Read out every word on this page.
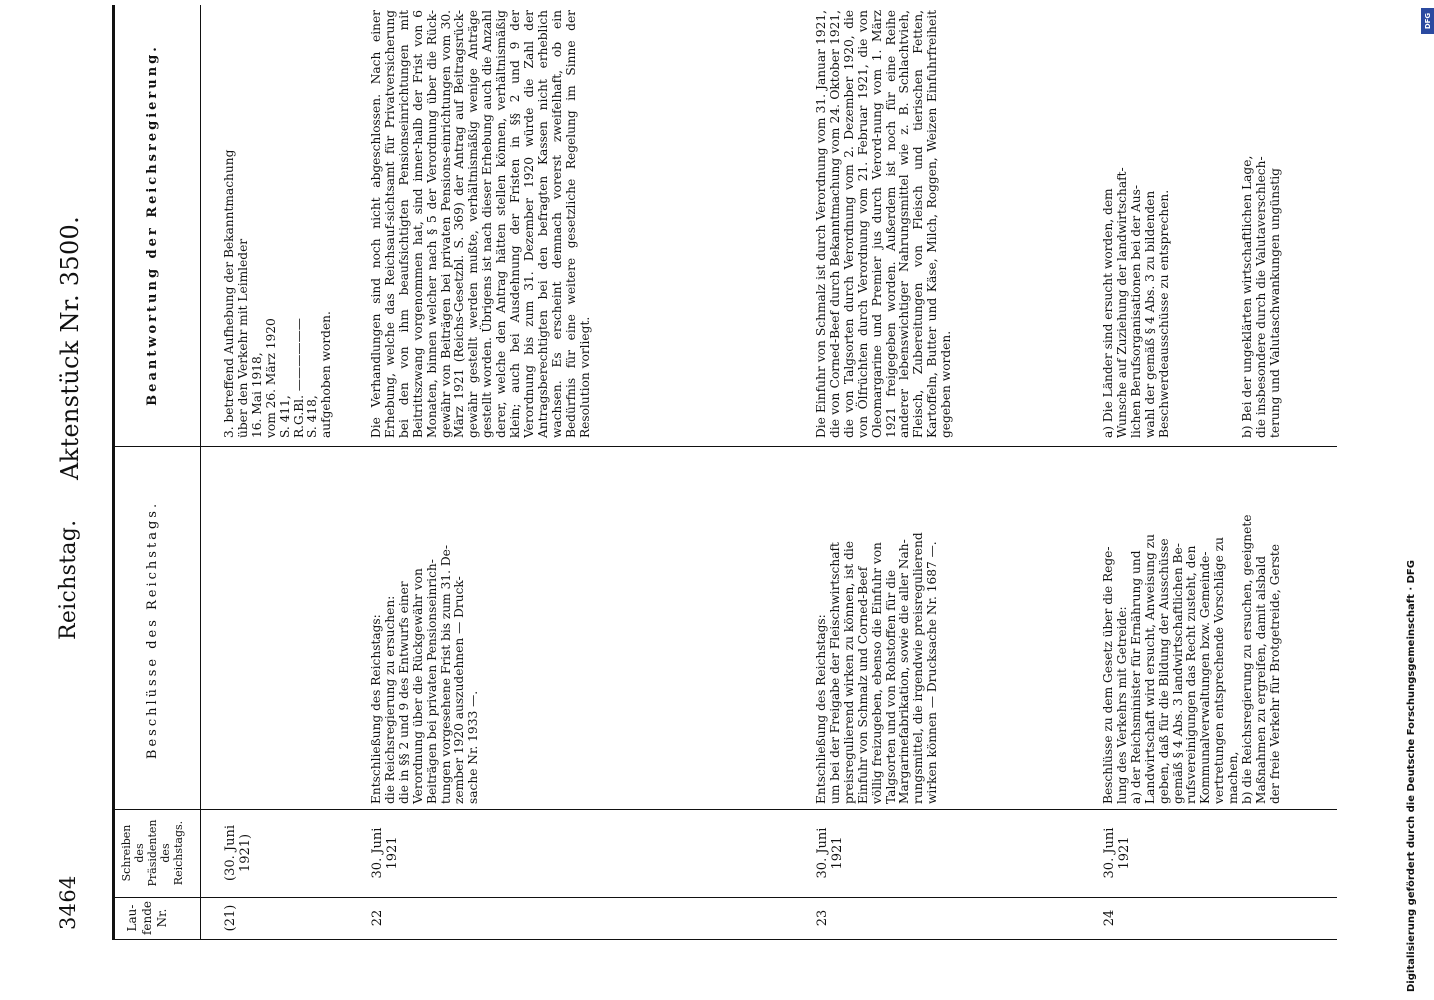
3464
Reichstag.
Aktenstück Nr. 3500.
Lau-
fende
Nr.
Schreiben
des
Präsidenten
des
Reichstags.
Beschlüsse des Reichstags.
Beantwortung der Reichsregierung.
(21)
(30. Juni
1921)
3. betreffend Aufhebung der Bekanntmachung
über den Verkehr mit Leimleder
16. Mai 1918,
vom 26. März 1920
S. 411,
R.G.Bl. ——————
S. 418,
aufgehoben worden.
22
30. Juni
1921
Entschließung des Reichstags:
die Reichsregierung zu ersuchen:
die in §§ 2 und 9 des Entwurfs einer
Verordnung über die Rückgewähr von
Beiträgen bei privaten Pensionseinrich-
tungen vorgesehene Frist bis zum 31. De-
zember 1920 auszudehnen — Druck-
sache Nr. 1933 —.
Die Verhandlungen sind noch nicht abgeschlossen. Nach einer Erhebung, welche das Reichsauf-sichtsamt für Privatversicherung bei den von ihm beaufsichtigten Pensionseinrichtungen mit Beitrittszwang vorgenommen hat, sind inner-halb der Frist von 6 Monaten, binnen welcher nach § 5 der Verordnung über die Rück-gewähr von Beiträgen bei privaten Pensions-einrichtungen vom 30. März 1921 (Reichs-Gesetzbl. S. 369) der Antrag auf Beitragsrück-gewähr gestellt werden mußte, verhältnismäßig wenige Anträge gestellt worden. Übrigens ist nach dieser Erhebung auch die Anzahl derer, welche den Antrag hätten stellen können, verhältnismäßig klein; auch bei Ausdehnung der Fristen in §§ 2 und 9 der Verordnung bis zum 31. Dezember 1920 würde die Zahl der Antragsberechtigten bei den befragten Kassen nicht erheblich wachsen. Es erscheint demnach vorerst zweifelhaft, ob ein Bedürfnis für eine weitere gesetzliche Regelung im Sinne der Resolution vorliegt.
23
30. Juni
1921
Entschließung des Reichstags:
um bei der Freigabe der Fleischwirtschaft
preisregulierend wirken zu können, ist die
Einfuhr von Schmalz und Corned-Beef
völlig freizugeben, ebenso die Einfuhr von
Talgsorten und von Rohstoffen für die
Margarinefabrikation, sowie die aller Nah-
rungsmittel, die irgendwie preisregulierend
wirken können — Drucksache Nr. 1687 —.
Die Einfuhr von Schmalz ist durch Verordnung vom 31. Januar 1921, die von Corned-Beef durch Bekanntmachung vom 24. Oktober 1921, die von Talgsorten durch Verordnung vom 2. Dezember 1920, die von Ölfrüchten durch Verordnung vom 21. Februar 1921, die von Oleomargarine und Premier jus durch Verord-nung vom 1. März 1921 freigegeben worden. Außerdem ist noch für eine Reihe anderer lebenswichtiger Nahrungsmittel wie z. B. Schlachtvieh, Fleisch, Zubereitungen von Fleisch und tierischen Fetten, Kartoffeln, Butter und Käse, Milch, Roggen, Weizen Einfuhrfreiheit gegeben worden.
24
30. Juni
1921
Beschlüsse zu dem Gesetz über die Rege-
lung des Verkehrs mit Getreide:
a) der Reichsminister für Ernährung und
Landwirtschaft wird ersucht, Anweisung zu
geben, daß für die Bildung der Ausschüsse
gemäß § 4 Abs. 3 landwirtschaftlichen Be-
rufsvereinigungen das Recht zusteht, den
Kommunalverwaltungen bzw. Gemeinde-
vertretungen entsprechende Vorschläge zu
machen,
b) die Reichsregierung zu ersuchen, geeignete
Maßnahmen zu ergreifen, damit alsbald
der freie Verkehr für Brotgetreide, Gerste
a) Die Länder sind ersucht worden, dem
Wunsche auf Zuziehung der landwirtschaft-
lichen Berufsorganisationen bei der Aus-
wahl der gemäß § 4 Abs. 3 zu bildenden
Beschwerdeausschüsse zu entsprechen.

b) Bei der ungeklärten wirtschaftlichen Lage,
die insbesondere durch die Valutaverschlech-
terung und Valutaschwankungen ungünstig
Digitalisierung gefördert durch die Deutsche Forschungsgemeinschaft · DFG
DFG
